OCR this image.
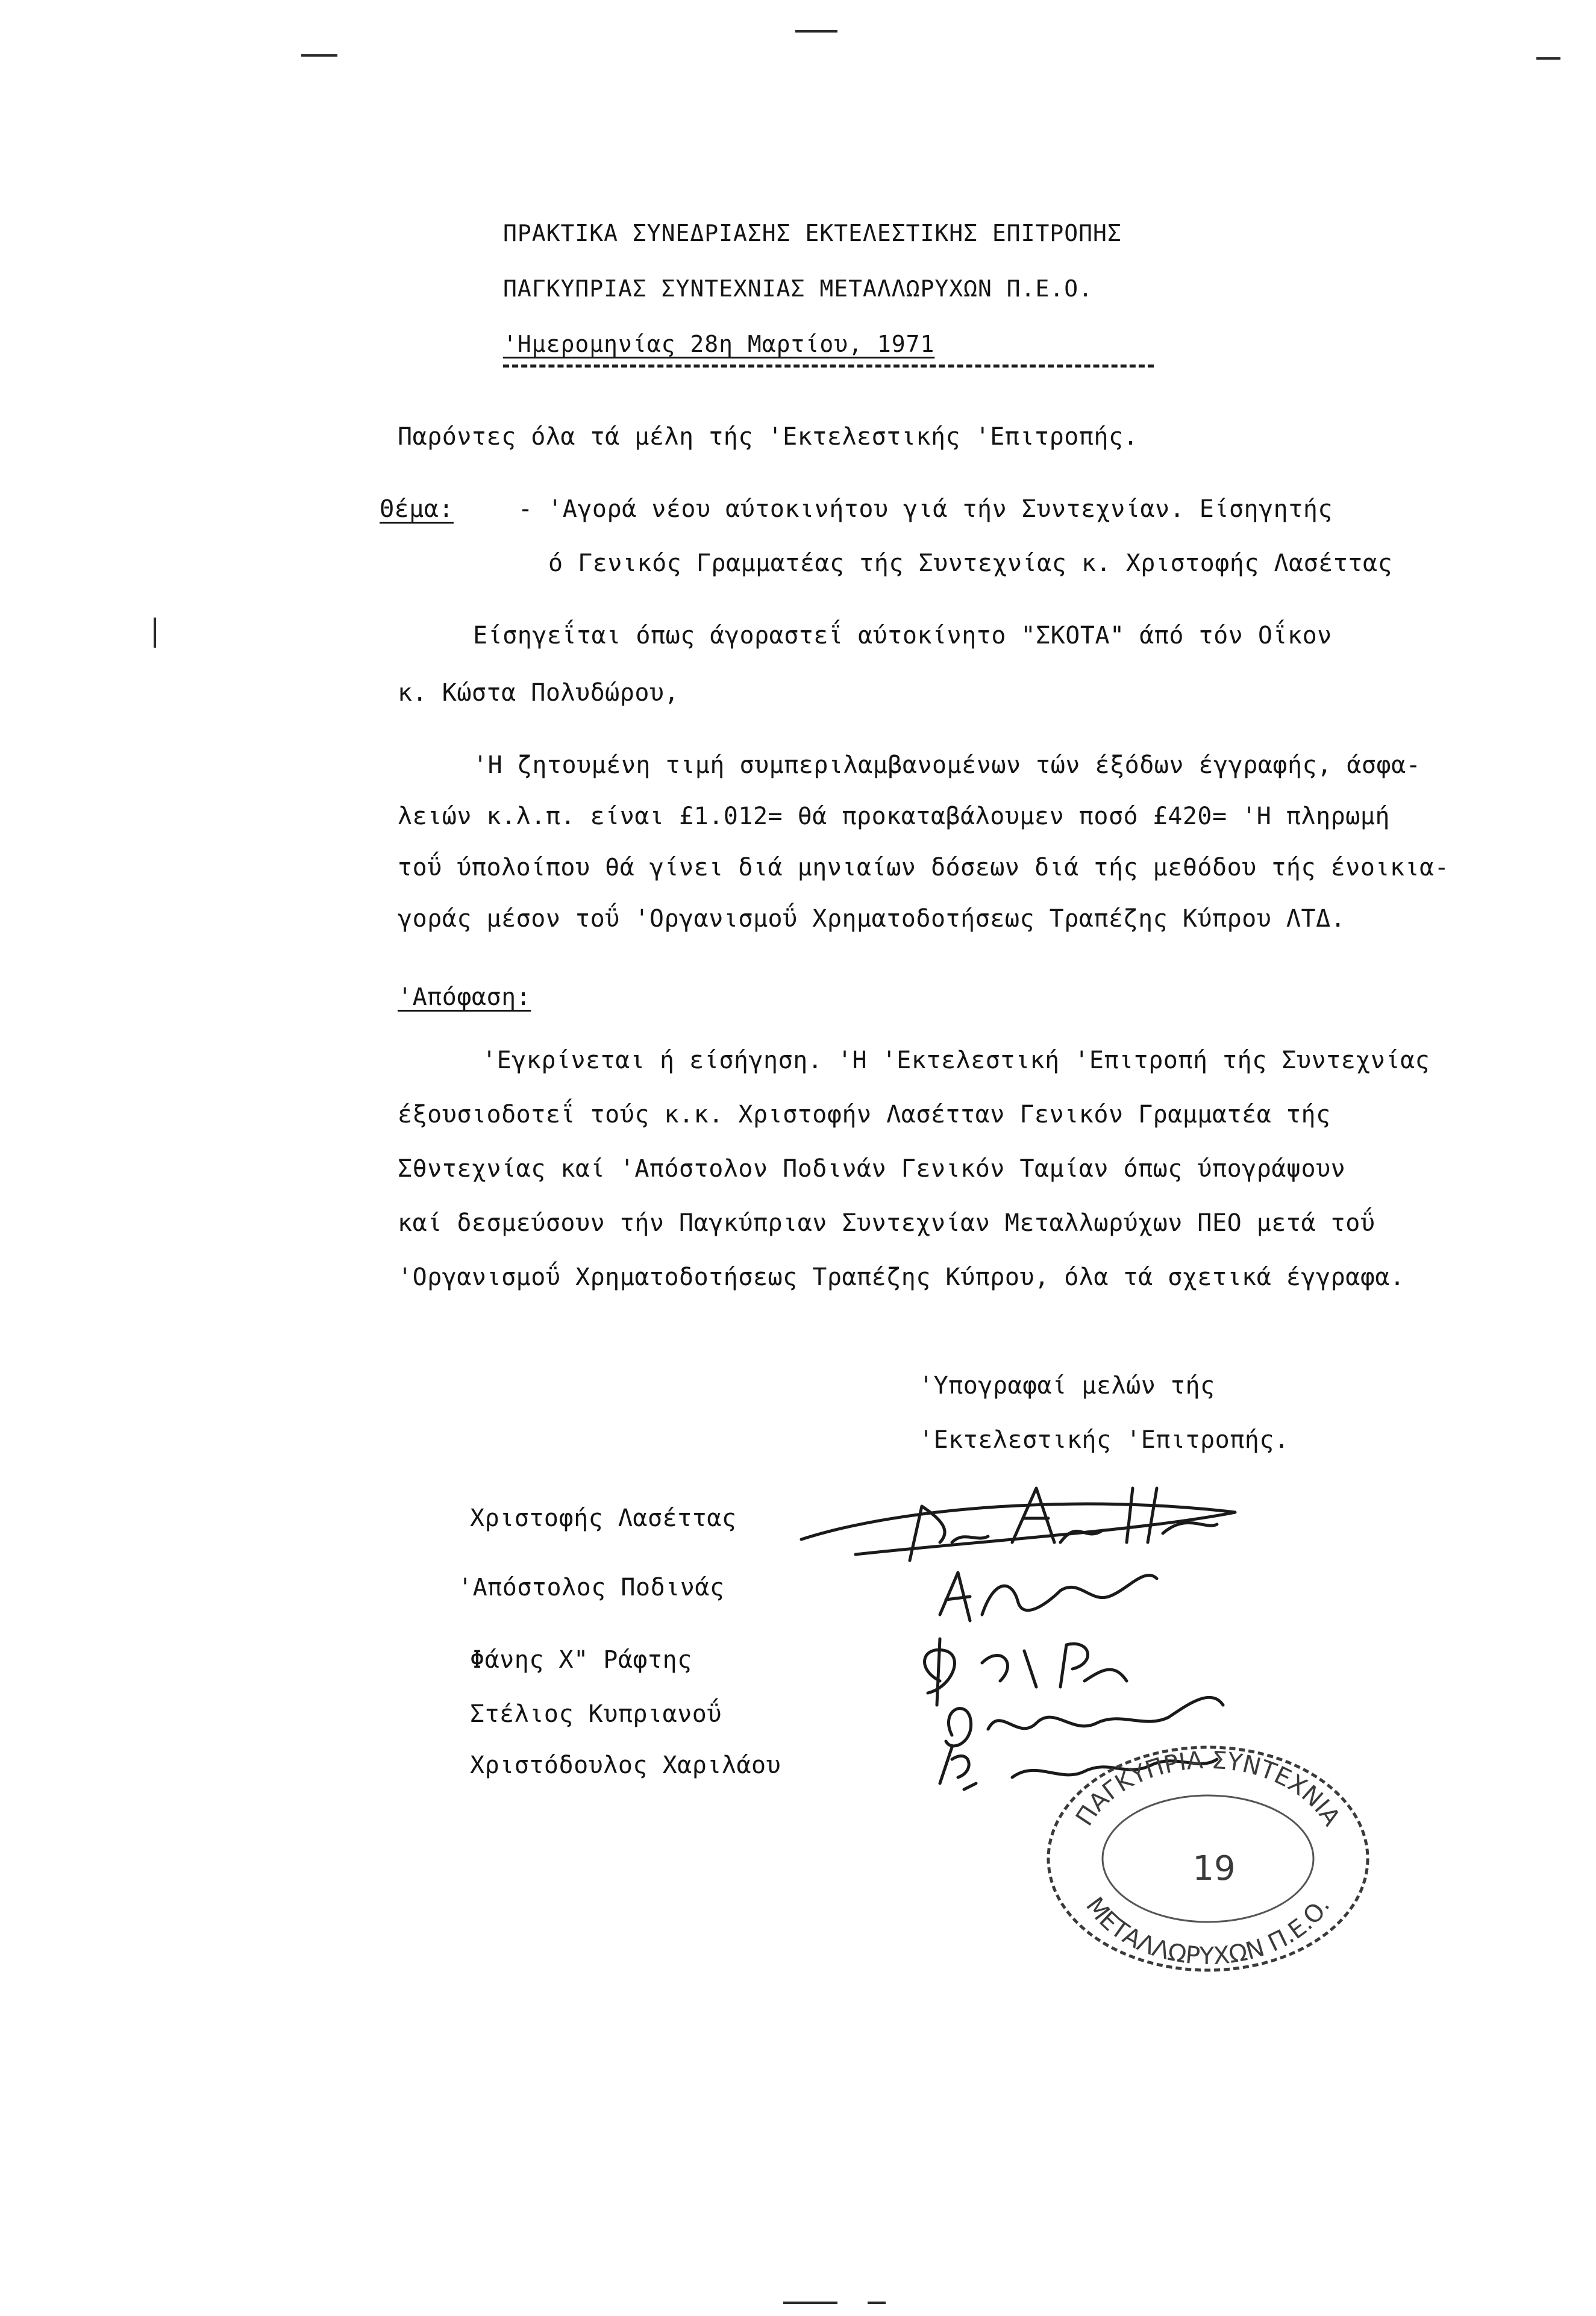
ΠΡΑΚΤΙΚΑ ΣΥΝΕΔΡΙΑΣΗΣ ΕΚΤΕΛΕΣΤΙΚΗΣ ΕΠΙΤΡΟΠΗΣ
ΠΑΓΚΥΠΡΙΑΣ ΣΥΝΤΕΧΝΙΑΣ ΜΕΤΑΛΛΩΡΥΧΩΝ Π.Ε.Ο.
'Ημερομηνίας 28η Μαρτίου, 1971
Παρόντες όλα τά μέλη τής 'Εκτελεστικής 'Επιτροπής.
Θέμα:	- 'Αγορά νέου αύτοκινήτου γιά τήν Συντεχνίαν. Είσηγητής
ό Γενικός Γραμματέας τής Συντεχνίας κ. Χριστοφής Λασέττας
Είσηγεΐται όπως άγοραστεΐ αύτοκίνητο "ΣΚΟΤΑ" άπό τόν Οΐκον
κ. Κώστα Πολυδώρου,
'Η ζητουμένη τιμή συμπεριλαμβανομένων τών έξόδων έγγραφής, άσφα-
λειών κ.λ.π. είναι £1.012= θά προκαταβάλουμεν ποσό £420= 'Η πληρωμή
τοΰ ύπολοίπου θά γίνει διά μηνιαίων δόσεων διά τής μεθόδου τής ένοικια-
γοράς μέσον τοΰ 'Οργανισμοΰ Χρηματοδοτήσεως Τραπέζης Κύπρου ΛΤΔ.
'Απόφαση:
'Εγκρίνεται ή είσήγηση. 'Η 'Εκτελεστική 'Επιτροπή τής Συντεχνίας
έξουσιοδοτεΐ τούς κ.κ. Χριστοφήν Λασέτταν Γενικόν Γραμματέα τής
Σθντεχνίας καί 'Απόστολον Ποδινάν Γενικόν Ταμίαν όπως ύπογράψουν
καί δεσμεύσουν τήν Παγκύπριαν Συντεχνίαν Μεταλλωρύχων ΠΕΟ μετά τοΰ
'Οργανισμοΰ Χρηματοδοτήσεως Τραπέζης Κύπρου, όλα τά σχετικά έγγραφα.
'Υπογραφαί μελών τής
'Εκτελεστικής 'Επιτροπής.
Χριστοφής Λασέττας
'Απόστολος Ποδινάς
Φάνης Χ" Ράφτης
Στέλιος Κυπριανοΰ
Χριστόδουλος Χαριλάου
ΠΑΓΚΥΠΡΙΑ ΣΥΝΤΕΧΝΙΑ
ΜΕΤΑΛΛΩΡΥΧΩΝ Π.Ε.Ο.
19
